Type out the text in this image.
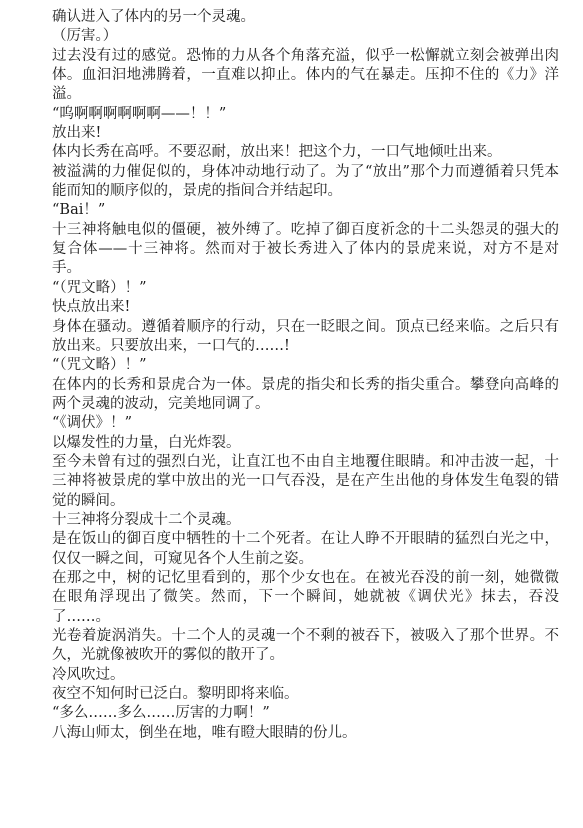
确认进入了体内的另一个灵魂。

（厉害。）

过去没有过的感觉。恐怖的力从各个角落充溢，似乎一松懈就立刻会被弹出肉体。血汩汩地沸腾着，一直难以抑止。体内的气在暴走。压抑不住的《力》洋溢。

“呜啊啊啊啊啊啊——！！”

放出来!

体内长秀在高呼。不要忍耐，放出来！把这个力，一口气地倾吐出来。

被溢满的力催促似的，身体冲动地行动了。为了“放出”那个力而遵循着只凭本能而知的顺序似的，景虎的指间合并结起印。

“Bai！”

十三神将触电似的僵硬，被外缚了。吃掉了御百度祈念的十二头怨灵的强大的复合体——十三神将。然而对于被长秀进入了体内的景虎来说，对方不是对手。

“（咒文略）！”

快点放出来!

身体在骚动。遵循着顺序的行动，只在一眨眼之间。顶点已经来临。之后只有放出来。只要放出来，一口气的……!

“（咒文略）！”

在体内的长秀和景虎合为一体。景虎的指尖和长秀的指尖重合。攀登向高峰的两个灵魂的波动，完美地同调了。

“《调伏》！”

以爆发性的力量，白光炸裂。

至今未曾有过的强烈白光，让直江也不由自主地覆住眼睛。和冲击波一起，十三神将被景虎的掌中放出的光一口气吞没，是在产生出他的身体发生龟裂的错觉的瞬间。

十三神将分裂成十二个灵魂。

是在饭山的御百度中牺牲的十二个死者。在让人睁不开眼睛的猛烈白光之中，仅仅一瞬之间，可窥见各个人生前之姿。

在那之中，树的记忆里看到的，那个少女也在。在被光吞没的前一刻，她微微在眼角浮现出了微笑。然而，下一个瞬间，她就被《调伏光》抹去，吞没了……。

光卷着旋涡消失。十二个人的灵魂一个不剩的被吞下，被吸入了那个世界。不久，光就像被吹开的雾似的散开了。

冷风吹过。

夜空不知何时已泛白。黎明即将来临。

“多么……多么……厉害的力啊！”

八海山师太，倒坐在地，唯有瞪大眼睛的份儿。
